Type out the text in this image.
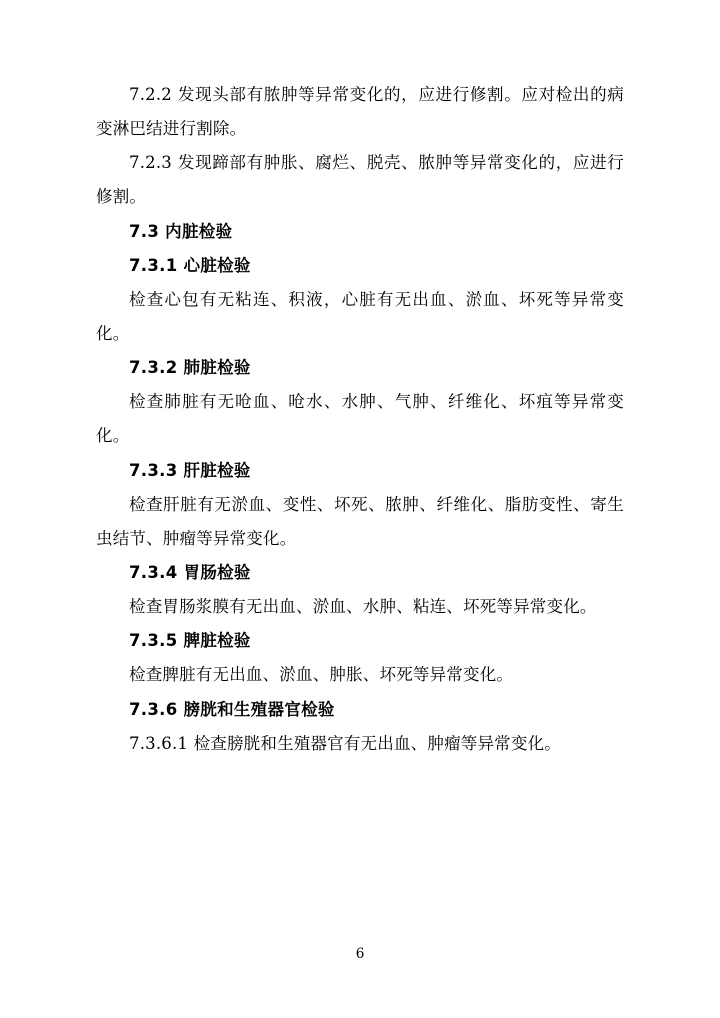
7.2.2 发现头部有脓肿等异常变化的，应进行修割。应对检出的病变淋巴结进行割除。

7.2.3 发现蹄部有肿胀、腐烂、脱壳、脓肿等异常变化的，应进行修割。

7.3 内脏检验

7.3.1 心脏检验

检查心包有无粘连、积液，心脏有无出血、淤血、坏死等异常变化。

7.3.2 肺脏检验

检查肺脏有无呛血、呛水、水肿、气肿、纤维化、坏疽等异常变化。

7.3.3 肝脏检验

检查肝脏有无淤血、变性、坏死、脓肿、纤维化、脂肪变性、寄生虫结节、肿瘤等异常变化。

7.3.4 胃肠检验

检查胃肠浆膜有无出血、淤血、水肿、粘连、坏死等异常变化。

7.3.5 脾脏检验

检查脾脏有无出血、淤血、肿胀、坏死等异常变化。

7.3.6 膀胱和生殖器官检验

7.3.6.1 检查膀胱和生殖器官有无出血、肿瘤等异常变化。

6
